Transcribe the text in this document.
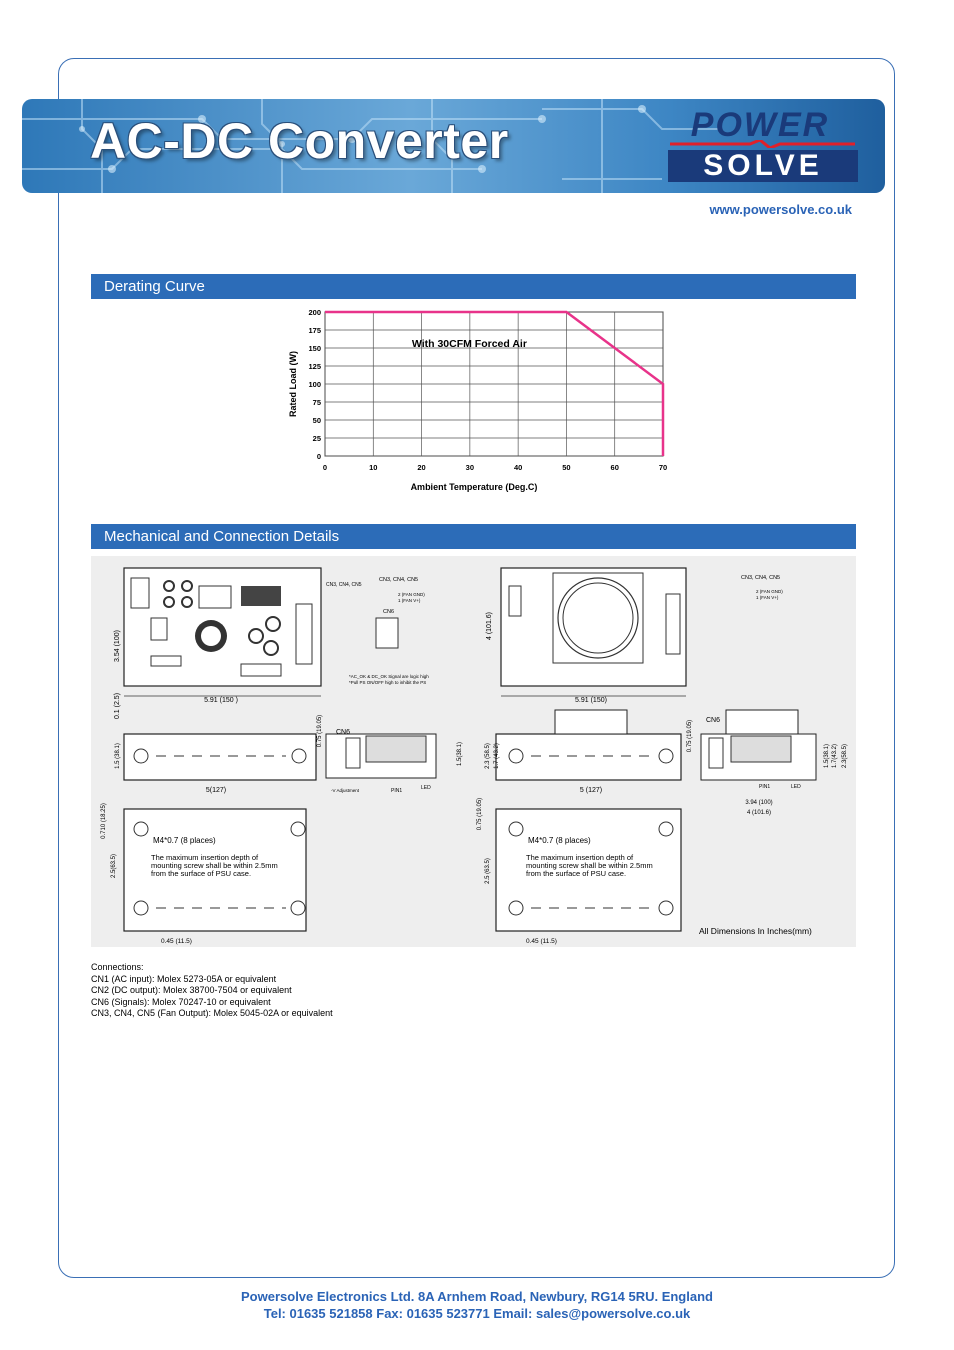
AC-DC Converter	POWER
SOLVE
www.powersolve.co.uk
Derating Curve
0	10	20	30	40	50	60	70
0
25
50
75
100
125
150
175
200
With 30CFM Forced Air
Ambient Temperature (Deg.C)
Rated Load (W)
Mechanical and Connection Details
5.91 (150 )
3.54 (100)
0.1 (2.5)
CN3, CN4, CN5
CN3, CN4, CN5
CN6
2 (FAN GND)
1 (FAN V+)
*AC_OK & DC_OK Signal are logic high
*Pull PS ON/OFF high to inhibit the PS
5.91 (150)
4 (101.6)
CN3, CN4, CN5
2 (FAN GND)
1 (FAN V+)
5(127)
CN6
-V Adjustment	PIN1	LED
1.5 (38.1)
0.75 (19.05)
1.5(38.1)
5 (127)
CN6
PIN1	LED
3.94 (100)
4 (101.6)
0.75 (19.05)
2.3 (58.5) 1.7 (43.2)	1.5(38.1) 1.7(43.2) 2.3(58.5)
M4*0.7 (8 places)
The maximum insertion depth of mounting screw shall be within 2.5mm from the surface of PSU case.
0.45 (11.5)
0.710 (18.25)
2.5(63.5)
M4*0.7 (8 places)
The maximum insertion depth of mounting screw shall be within 2.5mm from the surface of PSU case.
0.45 (11.5)
0.75 (19.05)
2.5 (63.5)
All Dimensions In Inches(mm)
Connections:
CN1 (AC input): Molex 5273-05A or equivalent
CN2 (DC output): Molex 38700-7504 or equivalent
CN6 (Signals): Molex 70247-10 or equivalent
CN3, CN4, CN5 (Fan Output): Molex 5045-02A or equivalent
Powersolve Electronics Ltd. 8A Arnhem Road, Newbury, RG14 5RU. England
Tel: 01635 521858 Fax: 01635 523771 Email: sales@powersolve.co.uk
